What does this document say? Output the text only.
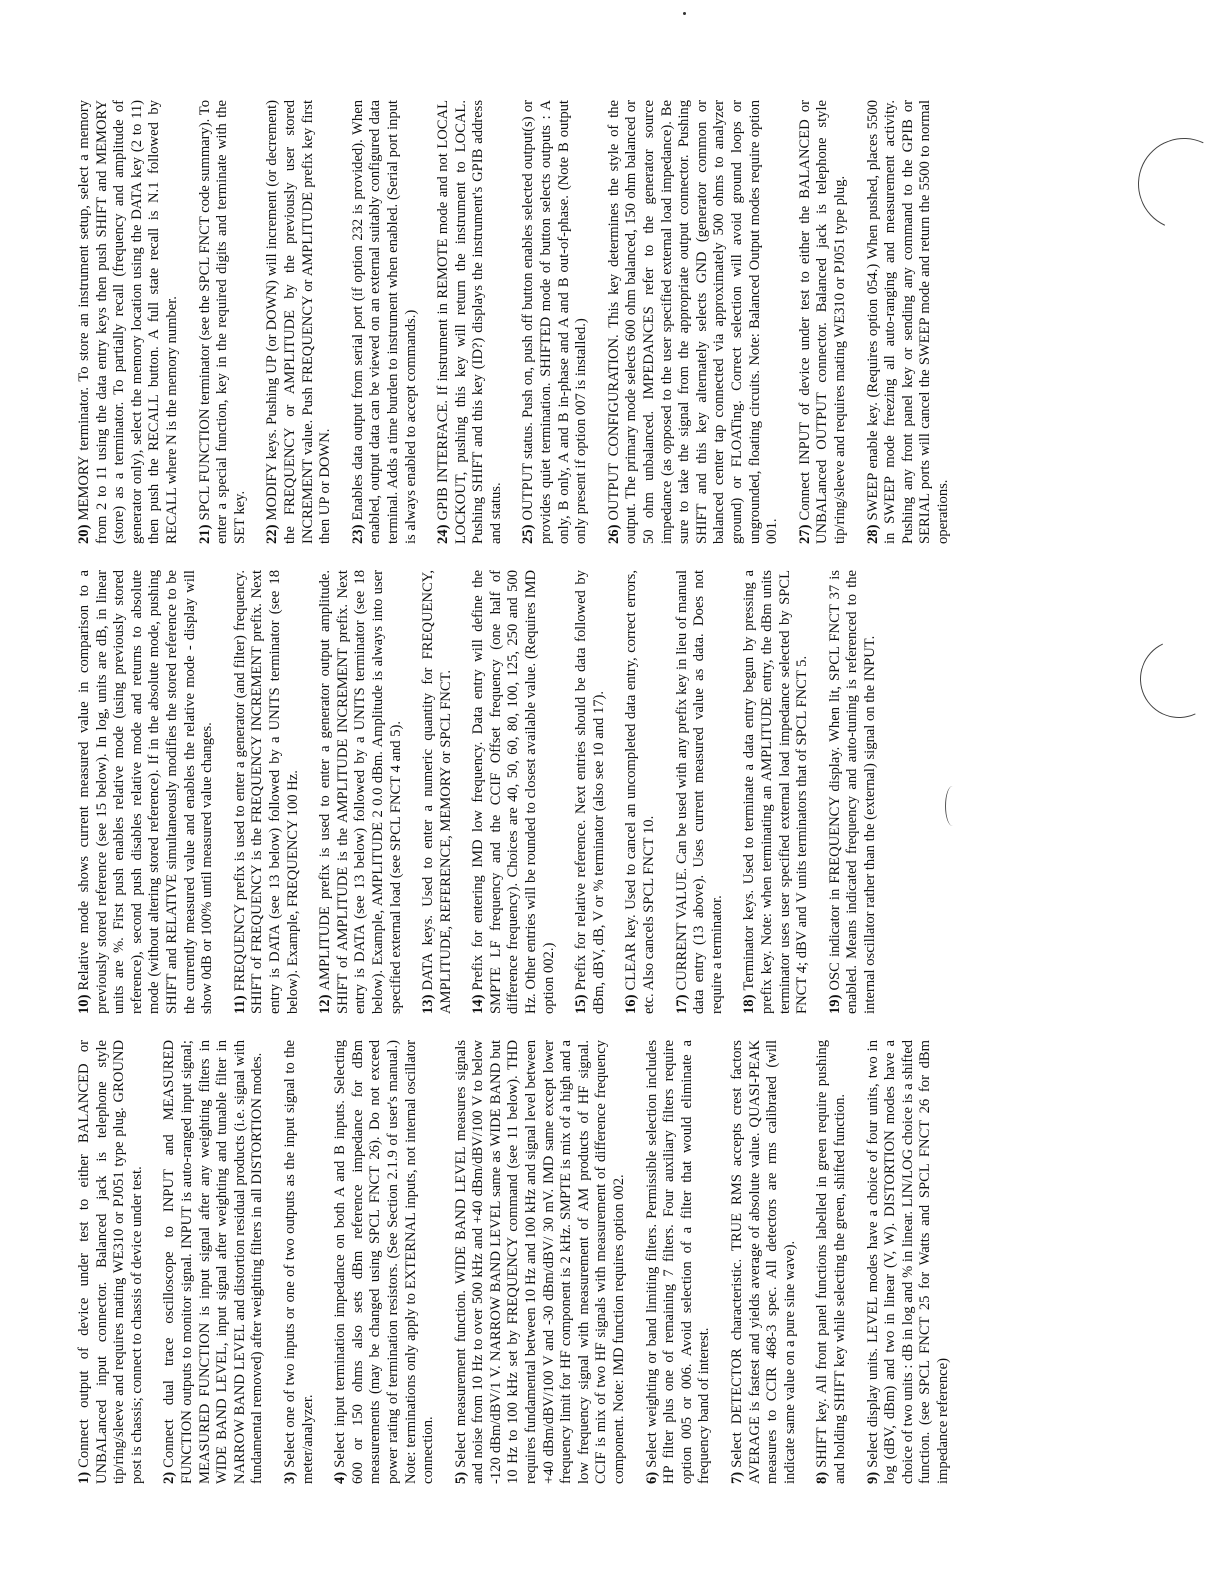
1)Connect output of device under test to either BALANCED or UNBALanced input connector. Balanced jack is telephone style tip/ring/sleeve and requires mating WE310 or PJ051 type plug. GROUND post is chassis; connect to chassis of device under test. 2)Connect dual trace oscilloscope to INPUT and MEASURED FUNCTION outputs to monitor signal. INPUT is auto-ranged input signal; MEASURED FUNCTION is input signal after any weighting filters in WIDE BAND LEVEL, input signal after weighting and tunable filter in NARROW BAND LEVEL and distortion residual products (i.e. signal with fundamental removed) after weighting filters in all DISTORTION modes. 3)Select one of two inputs or one of two outputs as the input signal to the meter/analyzer. 4)Select input termination impedance on both A and B inputs. Selecting 600 or 150 ohms also sets dBm reference impedance for dBm measurements (may be changed using SPCL FNCT 26). Do not exceed power rating of termination resistors. (See Section 2.1.9 of user's manual.) Note: terminations only apply to EXTERNAL inputs, not internal oscillator connection. 5)Select measurement function. WIDE BAND LEVEL measures signals and noise from 10 Hz to over 500 kHz and +40 dBm/dBV/100 V to below -120 dBm/dBV/1 V. NARROW BAND LEVEL same as WIDE BAND but 10 Hz to 100 kHz set by FREQUENCY command (see 11 below). THD requires fundamental between 10 Hz and 100 kHz and signal level between +40 dBm/dBV/100 V and -30 dBm/dBV/ 30 mV. IMD same except lower frequency limit for HF component is 2 kHz. SMPTE is mix of a high and a low frequency signal with measurement of AM products of HF signal. CCIF is mix of two HF signals with measurement of difference frequency component. Note: IMD function requires option 002. 6)Select weighting or band limiting filters. Permissible selection includes HP filter plus one of remaining 7 filters. Four auxiliary filters require option 005 or 006. Avoid selection of a filter that would eliminate a frequency band of interest. 7)Select DETECTOR characteristic. TRUE RMS accepts crest factors AVERAGE is fastest and yields average of absolute value. QUASI-PEAK measures to CCIR 468-3 spec. All detectors are rms calibrated (will indicate same value on a pure sine wave). 8)SHIFT key. All front panel functions labelled in green require pushing and holding SHIFT key while selecting the green, shifted function. 9)Select display units. LEVEL modes have a choice of four units, two in log (dBV, dBm) and two in linear (V, W). DISTORTION modes have a choice of two units : dB in log and % in linear. LIN/LOG choice is a shifted function. (see SPCL FNCT 25 for Watts and SPCL FNCT 26 for dBm impedance reference)

10)Relative mode shows current measured value in comparison to a previously stored reference (see 15 below). In log, units are dB, in linear units are %. First push enables relative mode (using previously stored reference), second push disables relative mode and returns to absolute mode (without altering stored reference). If in the absolute mode, pushing SHIFT and RELATIVE simultaneously modifies the stored reference to be the currently measured value and enables the relative mode - display will show 0dB or 100% until measured value changes. 11)FREQUENCY prefix is used to enter a generator (and filter) frequency. SHIFT of FREQUENCY is the FREQUENCY INCREMENT prefix. Next entry is DATA (see 13 below) followed by a UNITS terminator (see 18 below). Example, FREQUENCY 100 Hz. 12)AMPLITUDE prefix is used to enter a generator output amplitude. SHIFT of AMPLITUDE is the AMPLITUDE INCREMENT prefix. Next entry is DATA (see 13 below) followed by a UNITS terminator (see 18 below). Example, AMPLITUDE 2 0.0 dBm. Amplitude is always into user specified external load (see SPCL FNCT 4 and 5). 13)DATA keys. Used to enter a numeric quantity for FREQUENCY, AMPLITUDE, REFERENCE, MEMORY or SPCL FNCT. 14)Prefix for entering IMD low frequency. Data entry will define the SMPTE LF frequency and the CCIF Offset frequency (one half of difference frequency). Choices are 40, 50, 60, 80, 100, 125, 250 and 500 Hz. Other entries will be rounded to closest available value. (Requires IMD option 002.) 15)Prefix for relative reference. Next entries should be data followed by dBm, dBV, dB, V or % terminator (also see 10 and 17). 16)CLEAR key. Used to cancel an uncompleted data entry, correct errors, etc. Also cancels SPCL FNCT 10. 17)CURRENT VALUE. Can be used with any prefix key in lieu of manual data entry (13 above). Uses current measured value as data. Does not require a terminator. 18)Terminator keys. Used to terminate a data entry begun by pressing a prefix key. Note: when terminating an AMPLITUDE entry, the dBm units terminator uses user specified external load impedance selected by SPCL FNCT 4; dBV and V units terminators that of SPCL FNCT 5. 19)OSC indicator in FREQUENCY display. When lit, SPCL FNCT 37 is enabled. Means indicated frequency and auto-tuning is referenced to the internal oscillator rather than the (external) signal on the INPUT.

20)MEMORY terminator. To store an instrument setup, select a memory from 2 to 11 using the data entry keys then push SHIFT and MEMORY (store) as a terminator. To partially recall (frequency and amplitude of generator only), select the memory location using the DATA key (2 to 11) then push the RECALL button. A full state recall is N.1 followed by RECALL where N is the memory number. 21)SPCL FUNCTION terminator (see the SPCL FNCT code summary). To enter a special function, key in the required digits and terminate with the SET key. 22)MODIFY keys. Pushing UP (or DOWN) will increment (or decrement) the FREQUENCY or AMPLITUDE by the previously user stored INCREMENT value. Push FREQUENCY or AMPLITUDE prefix key first then UP or DOWN. 23)Enables data output from serial port (if option 232 is provided). When enabled, output data can be viewed on an external suitably configured data terminal. Adds a time burden to instrument when enabled. (Serial port input is always enabled to accept commands.) 24)GPIB INTERFACE. If instrument in REMOTE mode and not LOCAL LOCKOUT, pushing this key will return the instrument to LOCAL. Pushing SHIFT and this key (ID?) displays the instrument's GPIB address and status. 25)OUTPUT status. Push on, push off button enables selected output(s) or provides quiet termination. SHIFTED mode of button selects outputs : A only, B only, A and B in-phase and A and B out-of-phase. (Note B output only present if option 007 is installed.) 26)OUTPUT CONFIGURATION. This key determines the style of the output. The primary mode selects 600 ohm balanced, 150 ohm balanced or 50 ohm unbalanced. IMPEDANCES refer to the generator source impedance (as opposed to the user specified external load impedance). Be sure to take the signal from the appropriate output connector. Pushing SHIFT and this key alternately selects GND (generator common or balanced center tap connected via approximately 500 ohms to analyzer ground) or FLOATing. Correct selection will avoid ground loops or ungrounded, floating circuits. Note: Balanced Output modes require option 001. 27)Connect INPUT of device under test to either the BALANCED or UNBALanced OUTPUT connector. Balanced jack is telephone style tip/ring/sleeve and requires mating WE310 or PJ051 type plug. 28)SWEEP enable key. (Requires option 054.) When pushed, places 5500 in SWEEP mode freezing all auto-ranging and measurement activity. Pushing any front panel key or sending any command to the GPIB or SERIAL ports will cancel the SWEEP mode and return the 5500 to normal operations.
